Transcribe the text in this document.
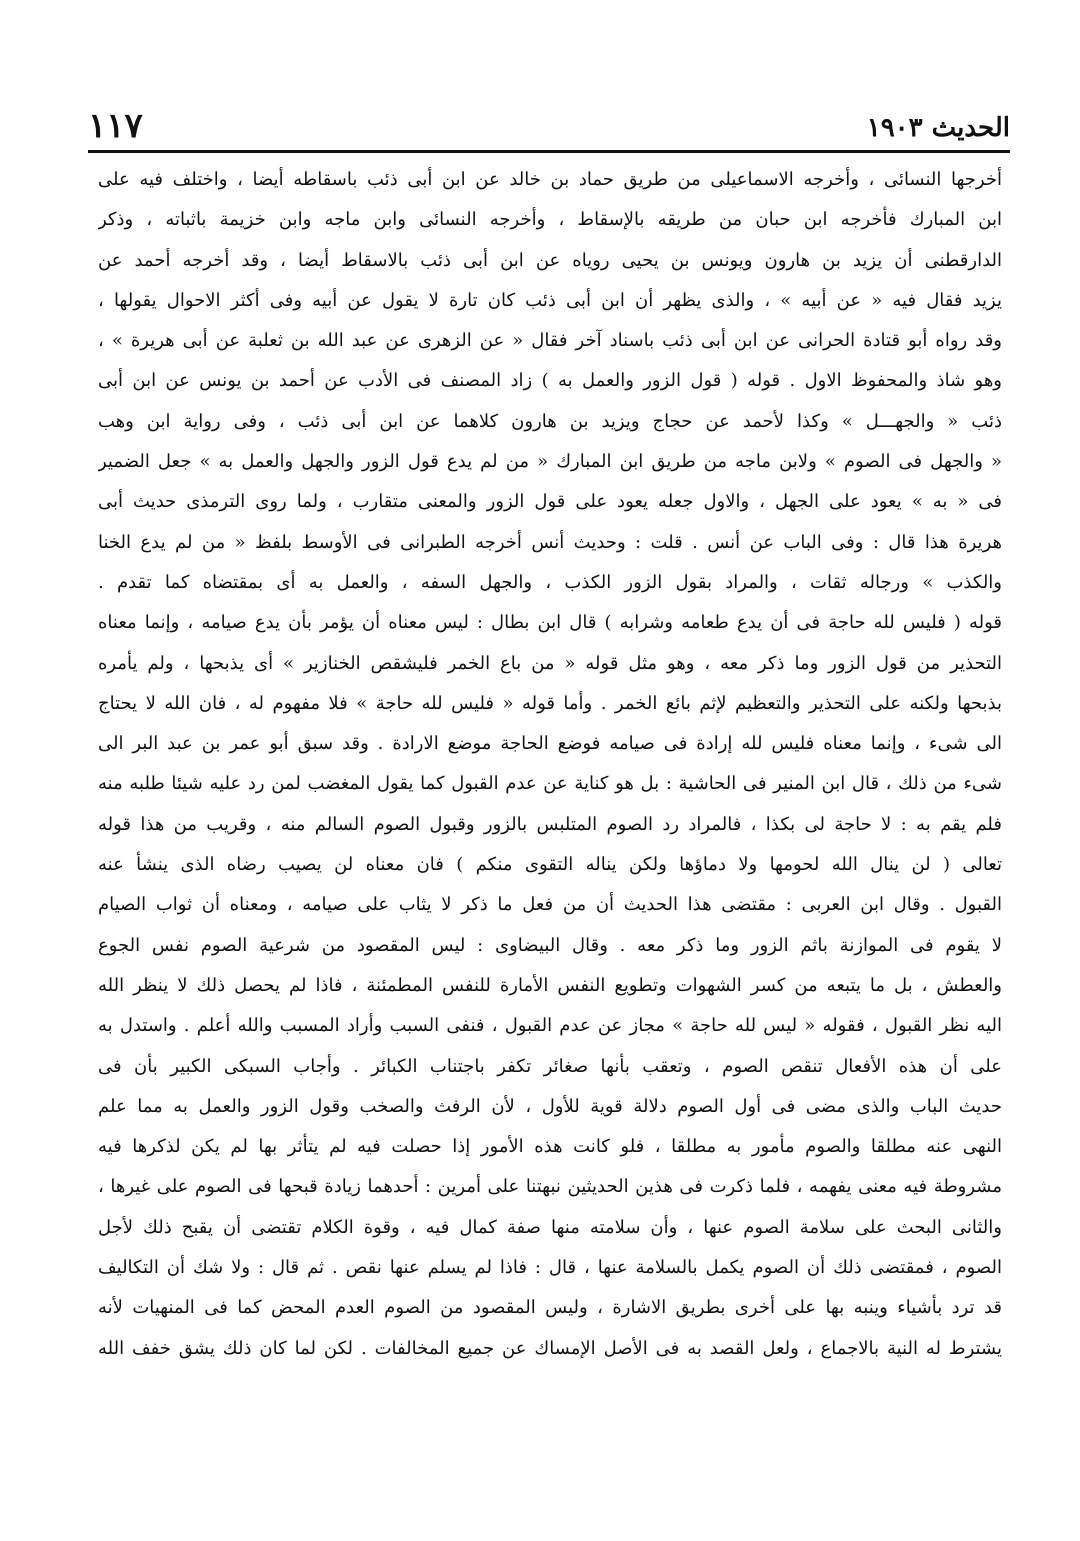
الحديث ١٩٠٣
١١٧
أخرجها النسائى ، وأخرجه الاسماعيلى من طريق حماد بن خالد عن ابن أبى ذئب باسقاطه أيضا ، واختلف فيه على
ابن المبارك فأخرجه ابن حبان من طريقه بالإسقاط ، وأخرجه النسائى وابن ماجه وابن خزيمة باثباته ، وذكر
الدارقطنى أن يزيد بن هارون ويونس بن يحيى روياه عن ابن أبى ذئب بالاسقاط أيضا ، وقد أخرجه أحمد عن
يزيد فقال فيه « عن أبيه » ، والذى يظهر أن ابن أبى ذئب كان تارة لا يقول عن أبيه وفى أكثر الاحوال يقولها ،
وقد رواه أبو قتادة الحرانى عن ابن أبى ذئب باسناد آخر فقال « عن الزهرى عن عبد الله بن ثعلبة عن أبى هريرة » ،
وهو شاذ والمحفوظ الاول . قوله ( قول الزور والعمل به ) زاد المصنف فى الأدب عن أحمد بن يونس عن ابن أبى
ذئب « والجهـــل » وكذا لأحمد عن حجاج ويزيد بن هارون كلاهما عن ابن أبى ذئب ، وفى رواية ابن وهب
« والجهل فى الصوم » ولابن ماجه من طريق ابن المبارك « من لم يدع قول الزور والجهل والعمل به » جعل الضمير
فى « به » يعود على الجهل ، والاول جعله يعود على قول الزور والمعنى متقارب ، ولما روى الترمذى حديث أبى
هريرة هذا قال : وفى الباب عن أنس . قلت : وحديث أنس أخرجه الطبرانى فى الأوسط بلفظ « من لم يدع الخنا
والكذب » ورجاله ثقات ، والمراد بقول الزور الكذب ، والجهل السفه ، والعمل به أى بمقتضاه كما تقدم .
قوله ( فليس لله حاجة فى أن يدع طعامه وشرابه ) قال ابن بطال : ليس معناه أن يؤمر بأن يدع صيامه ، وإنما معناه
التحذير من قول الزور وما ذكر معه ، وهو مثل قوله « من باع الخمر فليشقص الخنازير » أى يذبحها ، ولم يأمره
بذبحها ولكنه على التحذير والتعظيم لإثم بائع الخمر . وأما قوله « فليس لله حاجة » فلا مفهوم له ، فان الله لا يحتاج
الى شىء ، وإنما معناه فليس لله إرادة فى صيامه فوضع الحاجة موضع الارادة . وقد سبق أبو عمر بن عبد البر الى
شىء من ذلك ، قال ابن المنير فى الحاشية : بل هو كناية عن عدم القبول كما يقول المغضب لمن رد عليه شيئا طلبه منه
فلم يقم به : لا حاجة لى بكذا ، فالمراد رد الصوم المتلبس بالزور وقبول الصوم السالم منه ، وقريب من هذا قوله
تعالى ( لن ينال الله لحومها ولا دماؤها ولكن يناله التقوى منكم ) فان معناه لن يصيب رضاه الذى ينشأ عنه
القبول . وقال ابن العربى : مقتضى هذا الحديث أن من فعل ما ذكر لا يثاب على صيامه ، ومعناه أن ثواب الصيام
لا يقوم فى الموازنة باثم الزور وما ذكر معه . وقال البيضاوى : ليس المقصود من شرعية الصوم نفس الجوع
والعطش ، بل ما يتبعه من كسر الشهوات وتطويع النفس الأمارة للنفس المطمئنة ، فاذا لم يحصل ذلك لا ينظر الله
اليه نظر القبول ، فقوله « ليس لله حاجة » مجاز عن عدم القبول ، فنفى السبب وأراد المسبب والله أعلم . واستدل به
على أن هذه الأفعال تنقص الصوم ، وتعقب بأنها صغائر تكفر باجتناب الكبائر . وأجاب السبكى الكبير بأن فى
حديث الباب والذى مضى فى أول الصوم دلالة قوية للأول ، لأن الرفث والصخب وقول الزور والعمل به مما علم
النهى عنه مطلقا والصوم مأمور به مطلقا ، فلو كانت هذه الأمور إذا حصلت فيه لم يتأثر بها لم يكن لذكرها فيه
مشروطة فيه معنى يفهمه ، فلما ذكرت فى هذين الحديثين نبهتنا على أمرين : أحدهما زيادة قبحها فى الصوم على غيرها ،
والثانى البحث على سلامة الصوم عنها ، وأن سلامته منها صفة كمال فيه ، وقوة الكلام تقتضى أن يقبح ذلك لأجل
الصوم ، فمقتضى ذلك أن الصوم يكمل بالسلامة عنها ، قال : فاذا لم يسلم عنها نقص . ثم قال : ولا شك أن التكاليف
قد ترد بأشياء وينبه بها على أخرى بطريق الاشارة ، وليس المقصود من الصوم العدم المحض كما فى المنهيات لأنه
يشترط له النية بالاجماع ، ولعل القصد به فى الأصل الإمساك عن جميع المخالفات . لكن لما كان ذلك يشق خفف الله
